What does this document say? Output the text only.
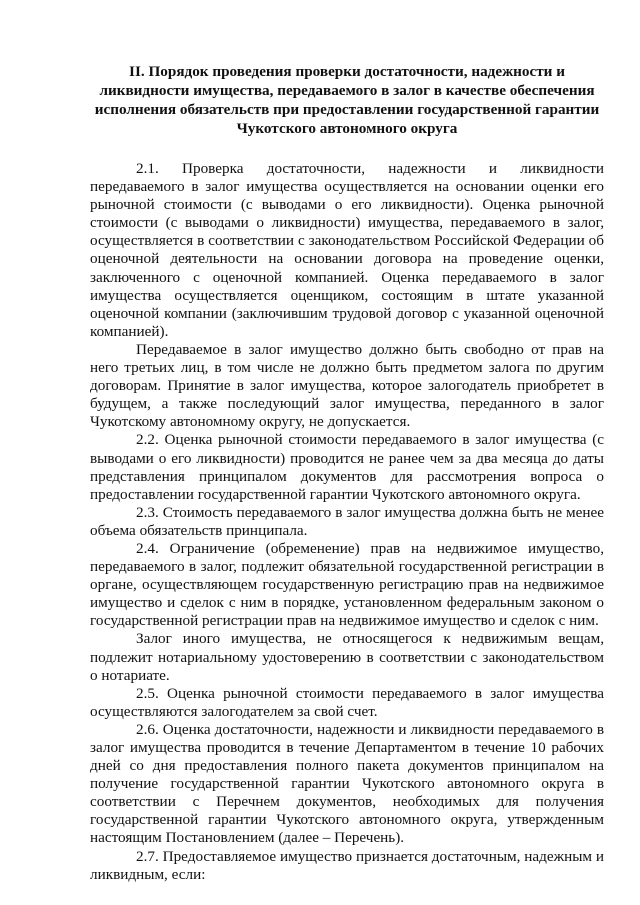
II. Порядок проведения проверки достаточности, надежности и
ликвидности имущества, передаваемого в залог в качестве обеспечения
исполнения обязательств при предоставлении государственной гарантии
Чукотского автономного округа

2.1. Проверка достаточности, надежности и ликвидности передаваемого в залог имущества осуществляется на основании оценки его рыночной стоимости (с выводами о его ликвидности). Оценка рыночной стоимости (с выводами о ликвидности) имущества, передаваемого в залог, осуществляется в соответствии с законодательством Российской Федерации об оценочной деятельности на основании договора на проведение оценки, заключенного с оценочной компанией. Оценка передаваемого в залог имущества осуществляется оценщиком, состоящим в штате указанной оценочной компании (заключившим трудовой договор с указанной оценочной компанией).

Передаваемое в залог имущество должно быть свободно от прав на него третьих лиц, в том числе не должно быть предметом залога по другим договорам. Принятие в залог имущества, которое залогодатель приобретет в будущем, а также последующий залог имущества, переданного в залог Чукотскому автономному округу, не допускается.

2.2. Оценка рыночной стоимости передаваемого в залог имущества (с выводами о его ликвидности) проводится не ранее чем за два месяца до даты представления принципалом документов для рассмотрения вопроса о предоставлении государственной гарантии Чукотского автономного округа.

2.3. Стоимость передаваемого в залог имущества должна быть не менее объема обязательств принципала.

2.4. Ограничение (обременение) прав на недвижимое имущество, передаваемого в залог, подлежит обязательной государственной регистрации в органе, осуществляющем государственную регистрацию прав на недвижимое имущество и сделок с ним в порядке, установленном федеральным законом о государственной регистрации прав на недвижимое имущество и сделок с ним.

Залог иного имущества, не относящегося к недвижимым вещам, подлежит нотариальному удостоверению в соответствии с законодательством о нотариате.

2.5. Оценка рыночной стоимости передаваемого в залог имущества осуществляются залогодателем за свой счет.

2.6. Оценка достаточности, надежности и ликвидности передаваемого в залог имущества проводится в течение Департаментом в течение 10 рабочих дней со дня предоставления полного пакета документов принципалом на получение государственной гарантии Чукотского автономного округа в соответствии с Перечнем документов, необходимых для получения государственной гарантии Чукотского автономного округа, утвержденным настоящим Постановлением (далее – Перечень).

2.7. Предоставляемое имущество признается достаточным, надежным и ликвидным, если:
